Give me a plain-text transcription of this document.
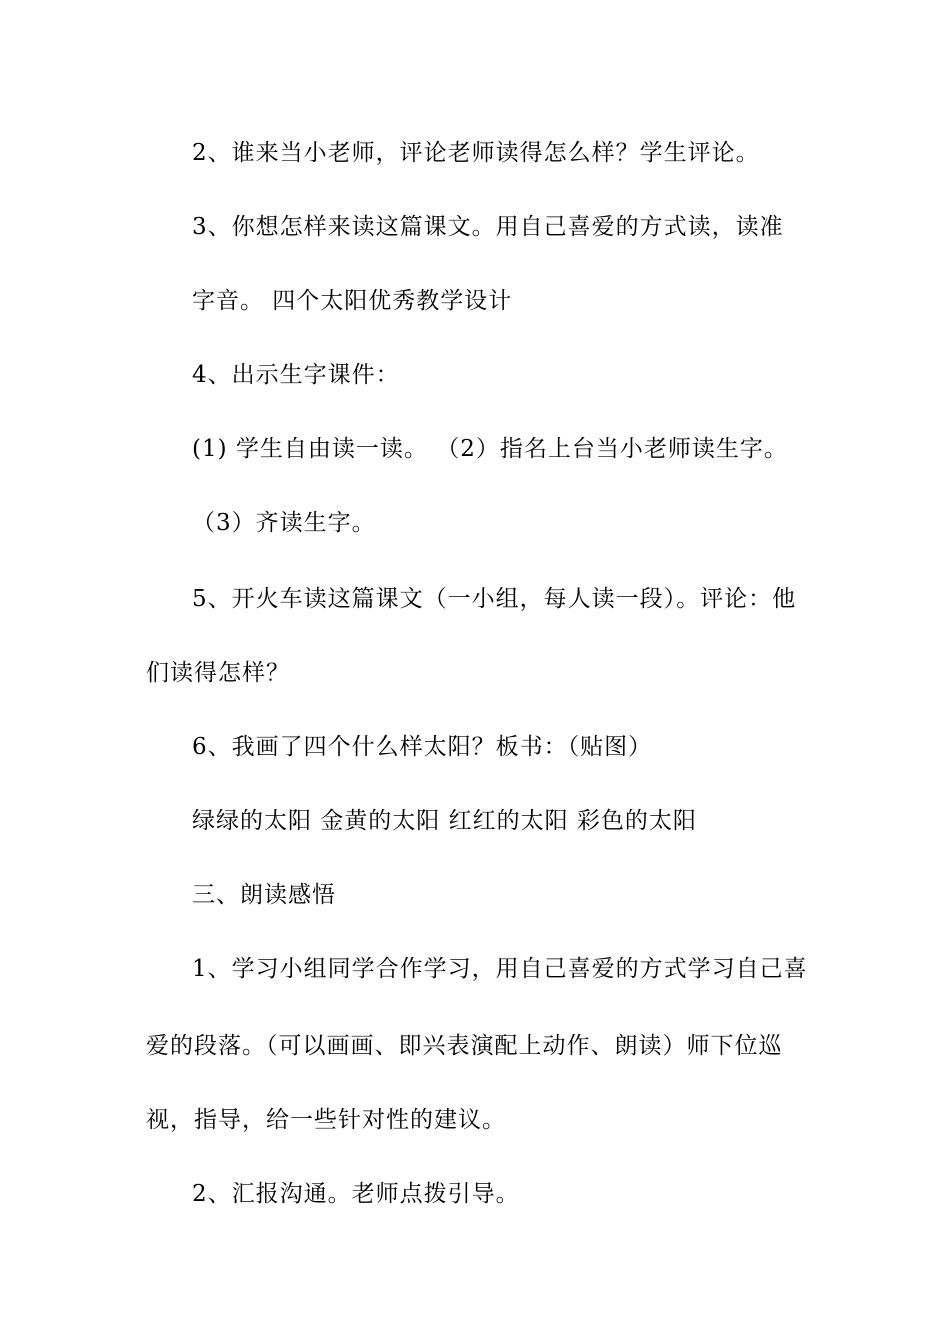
2、谁来当小老师，评论老师读得怎么样？学生评论。
3、你想怎样来读这篇课文。用自己喜爱的方式读，读准
字音。 四个太阳优秀教学设计
4、出示生字课件：
(1) 学生自由读一读。 （2）指名上台当小老师读生字。
（3）齐读生字。
5、开火车读这篇课文（一小组，每人读一段）。评论：他
们读得怎样？
6、我画了四个什么样太阳？板书：（贴图）
绿绿的太阳 金黄的太阳 红红的太阳 彩色的太阳
三、朗读感悟
1、学习小组同学合作学习，用自己喜爱的方式学习自己喜
爱的段落。（可以画画、即兴表演配上动作、朗读）师下位巡
视，指导，给一些针对性的建议。
2、汇报沟通。老师点拨引导。
